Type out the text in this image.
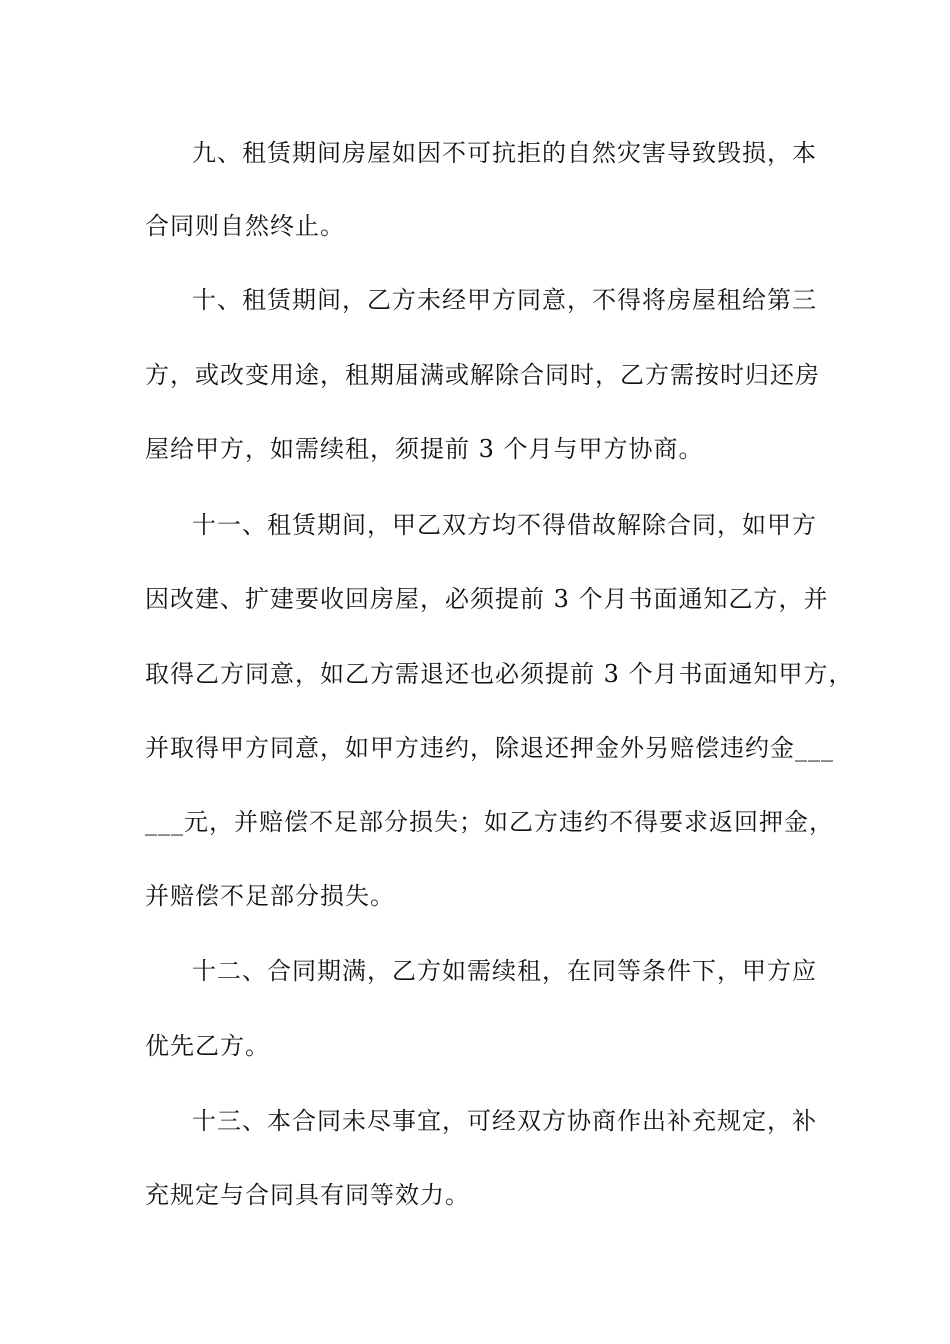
九、租赁期间房屋如因不可抗拒的自然灾害导致毁损，本
合同则自然终止。
十、租赁期间，乙方未经甲方同意，不得将房屋租给第三
方，或改变用途，租期届满或解除合同时，乙方需按时归还房
屋给甲方，如需续租，须提前 3 个月与甲方协商。
十一、租赁期间，甲乙双方均不得借故解除合同，如甲方
因改建、扩建要收回房屋，必须提前 3 个月书面通知乙方，并
取得乙方同意，如乙方需退还也必须提前 3 个月书面通知甲方，
并取得甲方同意，如甲方违约，除退还押金外另赔偿违约金___
___元，并赔偿不足部分损失；如乙方违约不得要求返回押金，
并赔偿不足部分损失。
十二、合同期满，乙方如需续租，在同等条件下，甲方应
优先乙方。
十三、本合同未尽事宜，可经双方协商作出补充规定，补
充规定与合同具有同等效力。
